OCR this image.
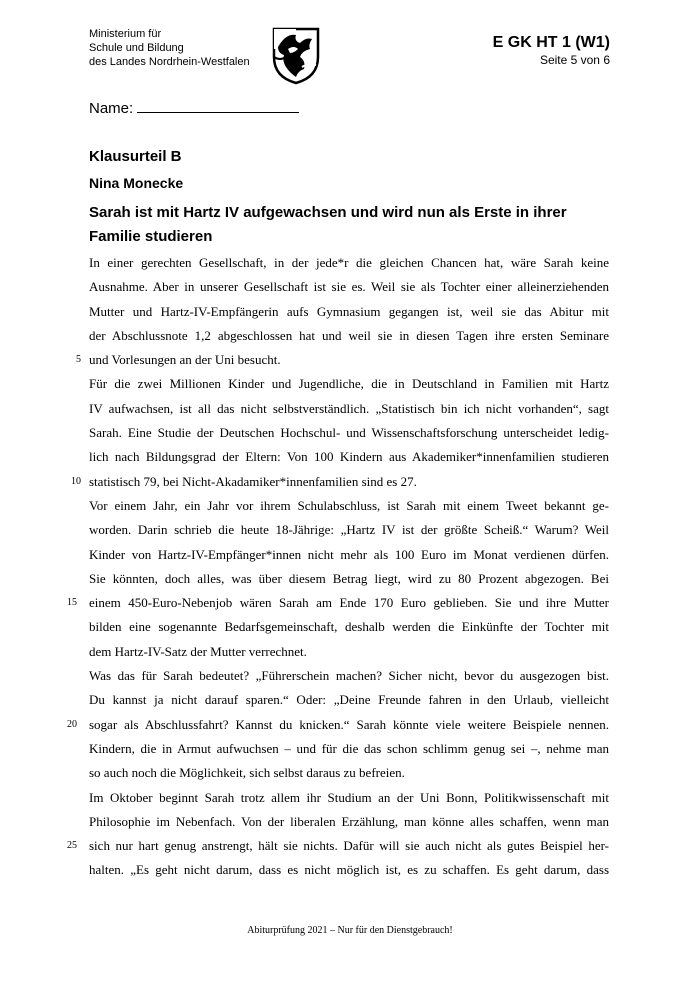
Ministerium für
Schule und Bildung
des Landes Nordrhein-Westfalen
E GK HT 1 (W1)
Seite 5 von 6
Name:
Klausurteil B
Nina Monecke
Sarah ist mit Hartz IV aufgewachsen und wird nun als Erste in ihrer Familie studieren
In einer gerechten Gesellschaft, in der jede*r die gleichen Chancen hat, wäre Sarah keine
Ausnahme. Aber in unserer Gesellschaft ist sie es. Weil sie als Tochter einer alleinerziehenden
Mutter und Hartz-IV-Empfängerin aufs Gymnasium gegangen ist, weil sie das Abitur mit
der Abschlussnote 1,2 abgeschlossen hat und weil sie in diesen Tagen ihre ersten Seminare
5 und Vorlesungen an der Uni besucht.
Für die zwei Millionen Kinder und Jugendliche, die in Deutschland in Familien mit Hartz
IV aufwachsen, ist all das nicht selbstverständlich. „Statistisch bin ich nicht vorhanden“, sagt
Sarah. Eine Studie der Deutschen Hochschul- und Wissenschaftsforschung unterscheidet ledig-
lich nach Bildungsgrad der Eltern: Von 100 Kindern aus Akademiker*innenfamilien studieren
10 statistisch 79, bei Nicht-Akadamiker*innenfamilien sind es 27.
Vor einem Jahr, ein Jahr vor ihrem Schulabschluss, ist Sarah mit einem Tweet bekannt ge-
worden. Darin schrieb die heute 18-Jährige: „Hartz IV ist der größte Scheiß.“ Warum? Weil
Kinder von Hartz-IV-Empfänger*innen nicht mehr als 100 Euro im Monat verdienen dürfen.
Sie könnten, doch alles, was über diesem Betrag liegt, wird zu 80 Prozent abgezogen. Bei
15 einem 450-Euro-Nebenjob wären Sarah am Ende 170 Euro geblieben. Sie und ihre Mutter
bilden eine sogenannte Bedarfsgemeinschaft, deshalb werden die Einkünfte der Tochter mit
dem Hartz-IV-Satz der Mutter verrechnet.
Was das für Sarah bedeutet? „Führerschein machen? Sicher nicht, bevor du ausgezogen bist.
Du kannst ja nicht darauf sparen.“ Oder: „Deine Freunde fahren in den Urlaub, vielleicht
20 sogar als Abschlussfahrt? Kannst du knicken.“ Sarah könnte viele weitere Beispiele nennen.
Kindern, die in Armut aufwuchsen – und für die das schon schlimm genug sei –, nehme man
so auch noch die Möglichkeit, sich selbst daraus zu befreien.
Im Oktober beginnt Sarah trotz allem ihr Studium an der Uni Bonn, Politikwissenschaft mit
Philosophie im Nebenfach. Von der liberalen Erzählung, man könne alles schaffen, wenn man
25 sich nur hart genug anstrengt, hält sie nichts. Dafür will sie auch nicht als gutes Beispiel her-
halten. „Es geht nicht darum, dass es nicht möglich ist, es zu schaffen. Es geht darum, dass
Abiturprüfung 2021 – Nur für den Dienstgebrauch!
